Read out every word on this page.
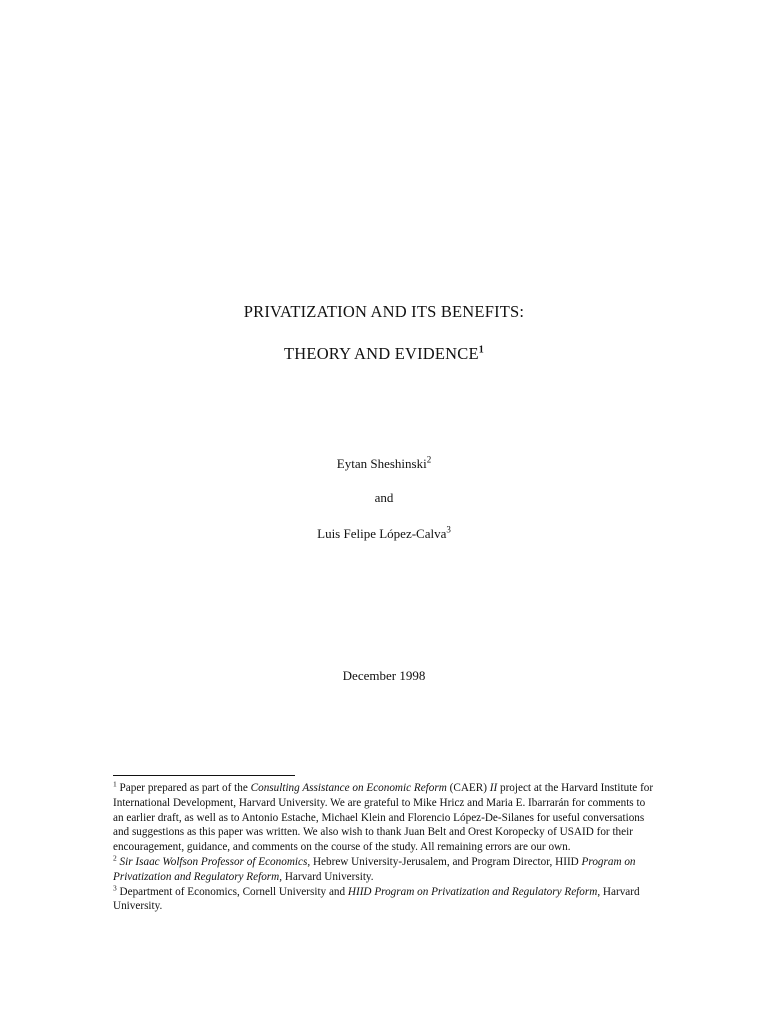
PRIVATIZATION AND ITS BENEFITS:
THEORY AND EVIDENCE$^1$

Eytan Sheshinski$^2$

and

Luis Felipe López-Calva$^3$

December 1998

$^1$ Paper prepared as part of the Consulting Assistance on Economic Reform (CAER) II project at the Harvard Institute for International Development, Harvard University. We are grateful to Mike Hricz and Maria E. Ibarrarán for comments to an earlier draft, as well as to Antonio Estache, Michael Klein and Florencio López-De-Silanes for useful conversations and suggestions as this paper was written. We also wish to thank Juan Belt and Orest Koropecky of USAID for their encouragement, guidance, and comments on the course of the study. All remaining errors are our own.

$^2$ Sir Isaac Wolfson Professor of Economics, Hebrew University-Jerusalem, and Program Director, HIID Program on Privatization and Regulatory Reform, Harvard University.

$^3$ Department of Economics, Cornell University and HIID Program on Privatization and Regulatory Reform, Harvard University.
